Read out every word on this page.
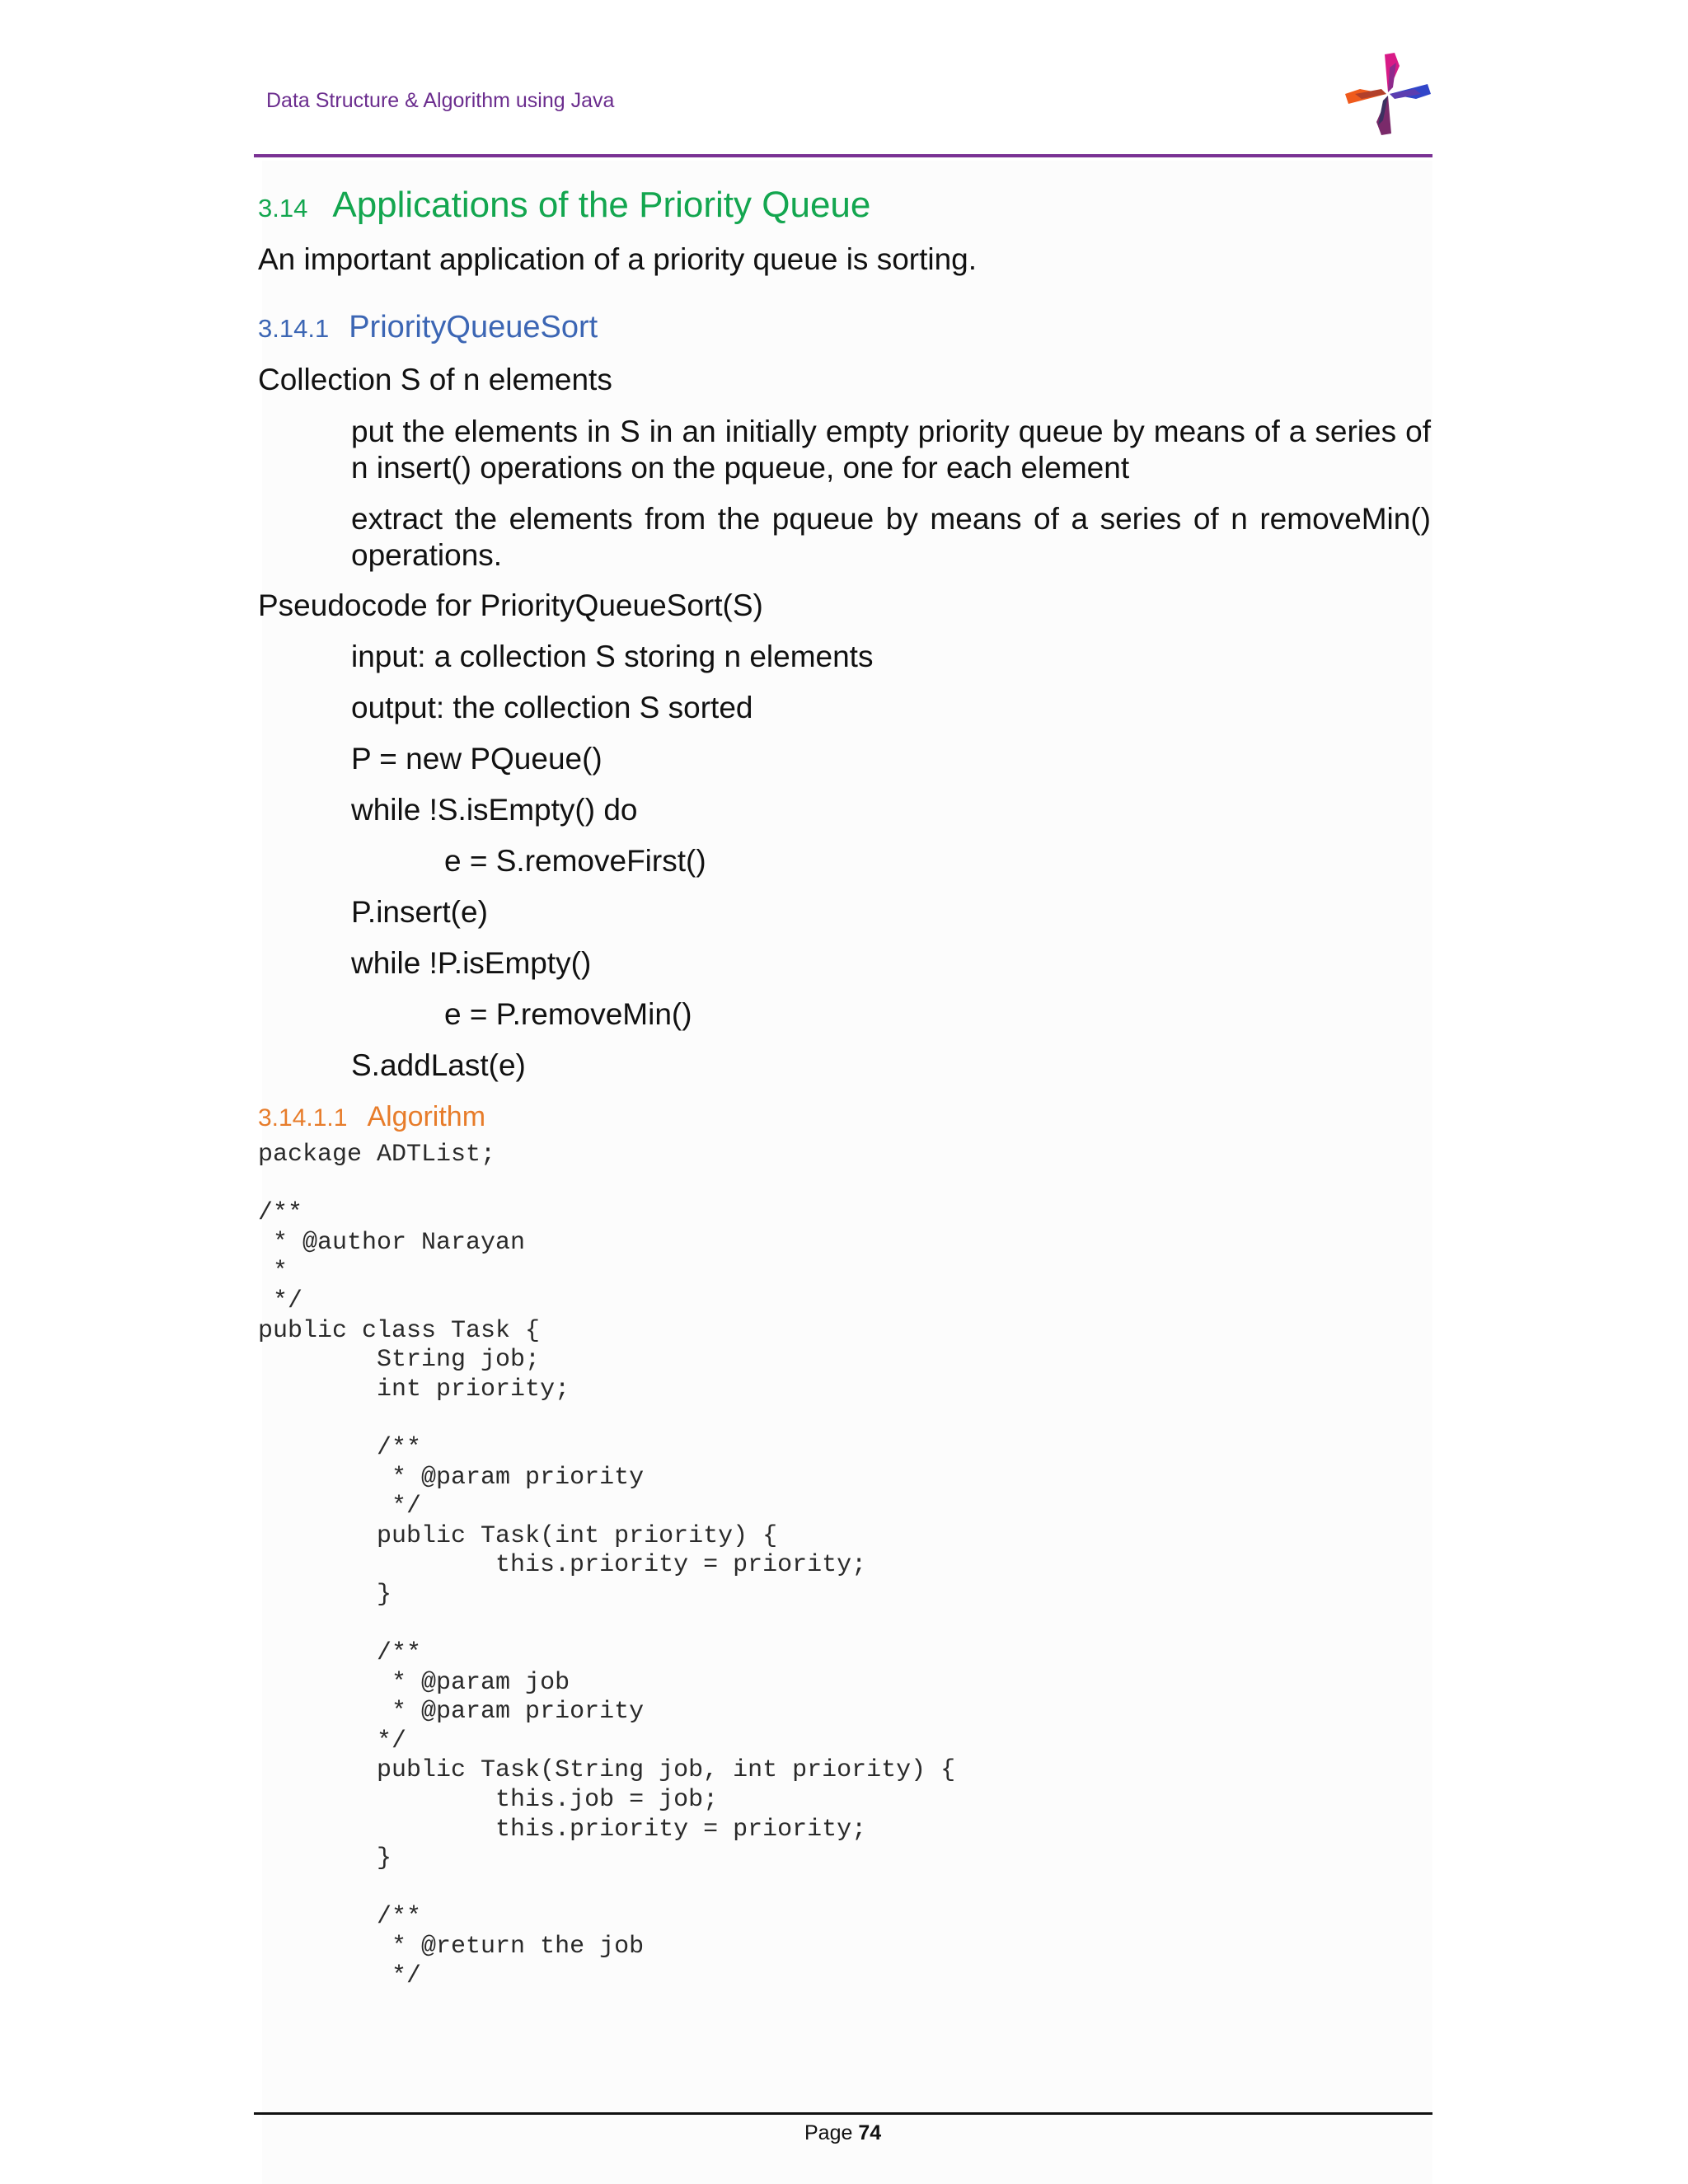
Data Structure & Algorithm using Java
3.14 Applications of the Priority Queue
An important application of a priority queue is sorting.
3.14.1 PriorityQueueSort
Collection S of n elements
put the elements in S in an initially empty priority queue by means of a series of n insert() operations on the pqueue, one for each element
extract the elements from the pqueue by means of a series of n removeMin() operations.
Pseudocode for PriorityQueueSort(S)
input: a collection S storing n elements
output: the collection S sorted
P = new PQueue()
while !S.isEmpty() do
e = S.removeFirst()
P.insert(e)
while !P.isEmpty()
e = P.removeMin()
S.addLast(e)
3.14.1.1 Algorithm
package ADTList;

/**
* @author Narayan
*
*/
public class Task {
	String job;
	int priority;

	/**
	* @param priority
	*/
	public Task(int priority) {
		this.priority = priority;
	}

	/**
	* @param job
	* @param priority
	*/
	public Task(String job, int priority) {
		this.job = job;
		this.priority = priority;
	}

	/**
	* @return the job
	*/
Page 74
